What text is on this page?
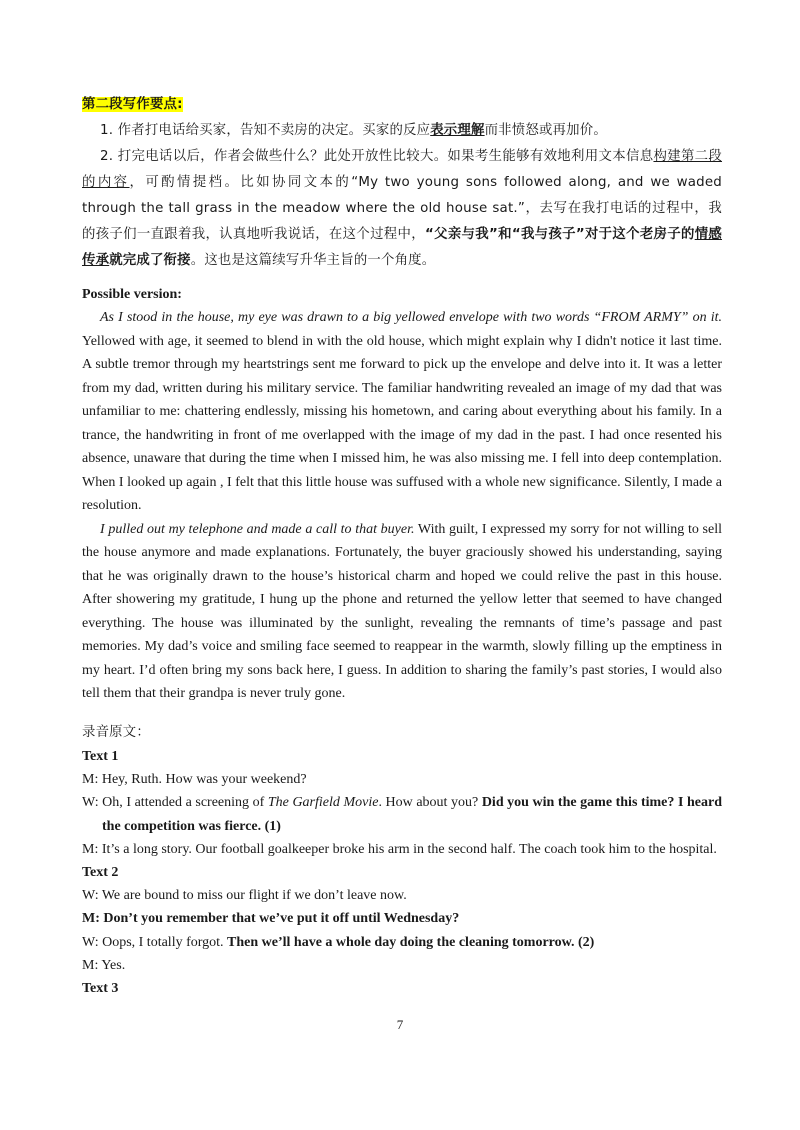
第二段写作要点:

1. 作者打电话给买家，告知不卖房的决定。买家的反应表示理解而非愤怒或再加价。

2. 打完电话以后，作者会做些什么？此处开放性比较大。如果考生能够有效地利用文本信息构建第二段的内容，可酌情提档。比如协同文本的“My two young sons followed along, and we waded through the tall grass in the meadow where the old house sat.”，去写在我打电话的过程中，我的孩子们一直跟着我，认真地听我说话，在这个过程中，“父亲与我”和“我与孩子”对于这个老房子的情感传承就完成了衔接。这也是这篇续写升华主旨的一个角度。

Possible version:

As I stood in the house, my eye was drawn to a big yellowed envelope with two words “FROM ARMY” on it. Yellowed with age, it seemed to blend in with the old house, which might explain why I didn't notice it last time. A subtle tremor through my heartstrings sent me forward to pick up the envelope and delve into it. It was a letter from my dad, written during his military service. The familiar handwriting revealed an image of my dad that was unfamiliar to me: chattering endlessly, missing his hometown, and caring about everything about his family. In a trance, the handwriting in front of me overlapped with the image of my dad in the past. I had once resented his absence, unaware that during the time when I missed him, he was also missing me. I fell into deep contemplation. When I looked up again , I felt that this little house was suffused with a whole new significance. Silently, I made a resolution.

I pulled out my telephone and made a call to that buyer. With guilt, I expressed my sorry for not willing to sell the house anymore and made explanations. Fortunately, the buyer graciously showed his understanding, saying that he was originally drawn to the house’s historical charm and hoped we could relive the past in this house. After showering my gratitude, I hung up the phone and returned the yellow letter that seemed to have changed everything. The house was illuminated by the sunlight, revealing the remnants of time’s passage and past memories. My dad’s voice and smiling face seemed to reappear in the warmth, slowly filling up the emptiness in my heart. I’d often bring my sons back here, I guess. In addition to sharing the family’s past stories, I would also tell them that their grandpa is never truly gone.

录音原文：

Text 1

M: Hey, Ruth. How was your weekend?

W: Oh, I attended a screening of The Garfield Movie. How about you? Did you win the game this time? I heard the competition was fierce. (1)

M: It’s a long story. Our football goalkeeper broke his arm in the second half. The coach took him to the hospital.

Text 2

W: We are bound to miss our flight if we don’t leave now.

M: Don’t you remember that we’ve put it off until Wednesday?

W: Oops, I totally forgot. Then we’ll have a whole day doing the cleaning tomorrow. (2)

M: Yes.

Text 3

7
